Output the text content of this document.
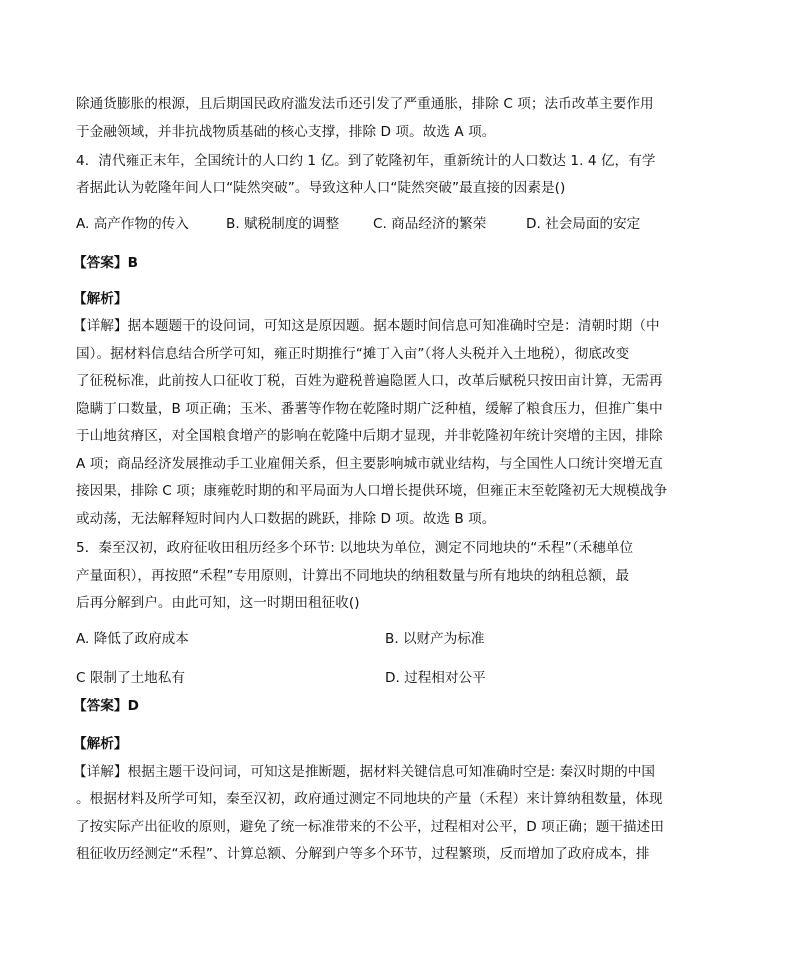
除通货膨胀的根源，且后期国民政府滥发法币还引发了严重通胀，排除 C 项；法币改革主要作用
于金融领域，并非抗战物质基础的核心支撑，排除 D 项。故选 A 项。
4．清代雍正末年，全国统计的人口约 1 亿。到了乾隆初年，重新统计的人口数达 1. 4 亿，有学
者据此认为乾隆年间人口“陡然突破”。导致这种人口“陡然突破”最直接的因素是()
A. 高产作物的传入	B. 赋税制度的调整 C. 商品经济的繁荣	D. 社会局面的安定
【答案】B
【解析】
【详解】据本题题干的设问词，可知这是原因题。据本题时间信息可知准确时空是：清朝时期（中
国）。据材料信息结合所学可知，雍正时期推行“摊丁入亩”（将人头税并入土地税），彻底改变
了征税标准，此前按人口征收丁税，百姓为避税普遍隐匿人口，改革后赋税只按田亩计算，无需再
隐瞒丁口数量，B 项正确；玉米、番薯等作物在乾隆时期广泛种植，缓解了粮食压力，但推广集中
于山地贫瘠区，对全国粮食增产的影响在乾隆中后期才显现，并非乾隆初年统计突增的主因，排除
A 项；商品经济发展推动手工业雇佣关系，但主要影响城市就业结构，与全国性人口统计突增无直
接因果，排除 C 项；康雍乾时期的和平局面为人口增长提供环境，但雍正末至乾隆初无大规模战争
或动荡，无法解释短时间内人口数据的跳跃，排除 D 项。故选 B 项。
5．秦至汉初，政府征收田租历经多个环节: 以地块为单位，测定不同地块的“禾程”（禾穗单位
产量面积），再按照“禾程”专用原则，计算出不同地块的纳租数量与所有地块的纳租总额，最
后再分解到户。由此可知，这一时期田租征收()
A. 降低了政府成本	B. 以财产为标准
C 限制了土地私有	D. 过程相对公平
【答案】D
【解析】
【详解】根据主题干设问词，可知这是推断题，据材料关键信息可知准确时空是: 秦汉时期的中国
。根据材料及所学可知，秦至汉初，政府通过测定不同地块的产量（禾程）来计算纳租数量，体现
了按实际产出征收的原则，避免了统一标准带来的不公平，过程相对公平，D 项正确；题干描述田
租征收历经测定“禾程”、计算总额、分解到户等多个环节，过程繁琐，反而增加了政府成本，排
